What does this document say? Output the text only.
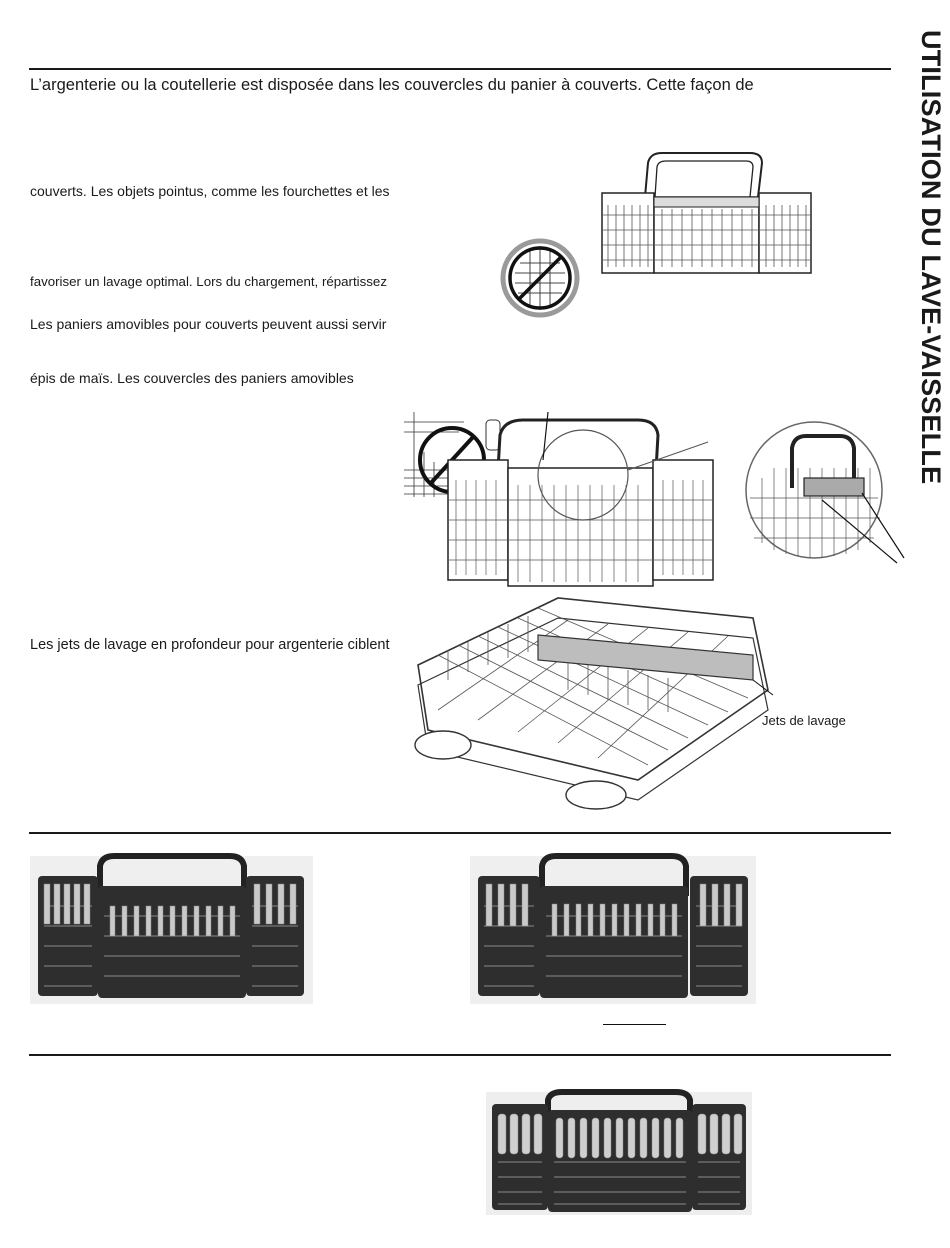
UTILISATION DU LAVE-VAISSELLE
L’argenterie ou la coutellerie est disposée dans les couvercles du panier à couverts. Cette façon de
couverts. Les objets pointus, comme les fourchettes et les
favoriser un lavage optimal. Lors du chargement, répartissez
Les paniers amovibles pour couverts peuvent aussi servir
épis de maïs. Les couvercles des paniers amovibles
Les jets de lavage en profondeur pour argenterie ciblent
Jets de lavage
